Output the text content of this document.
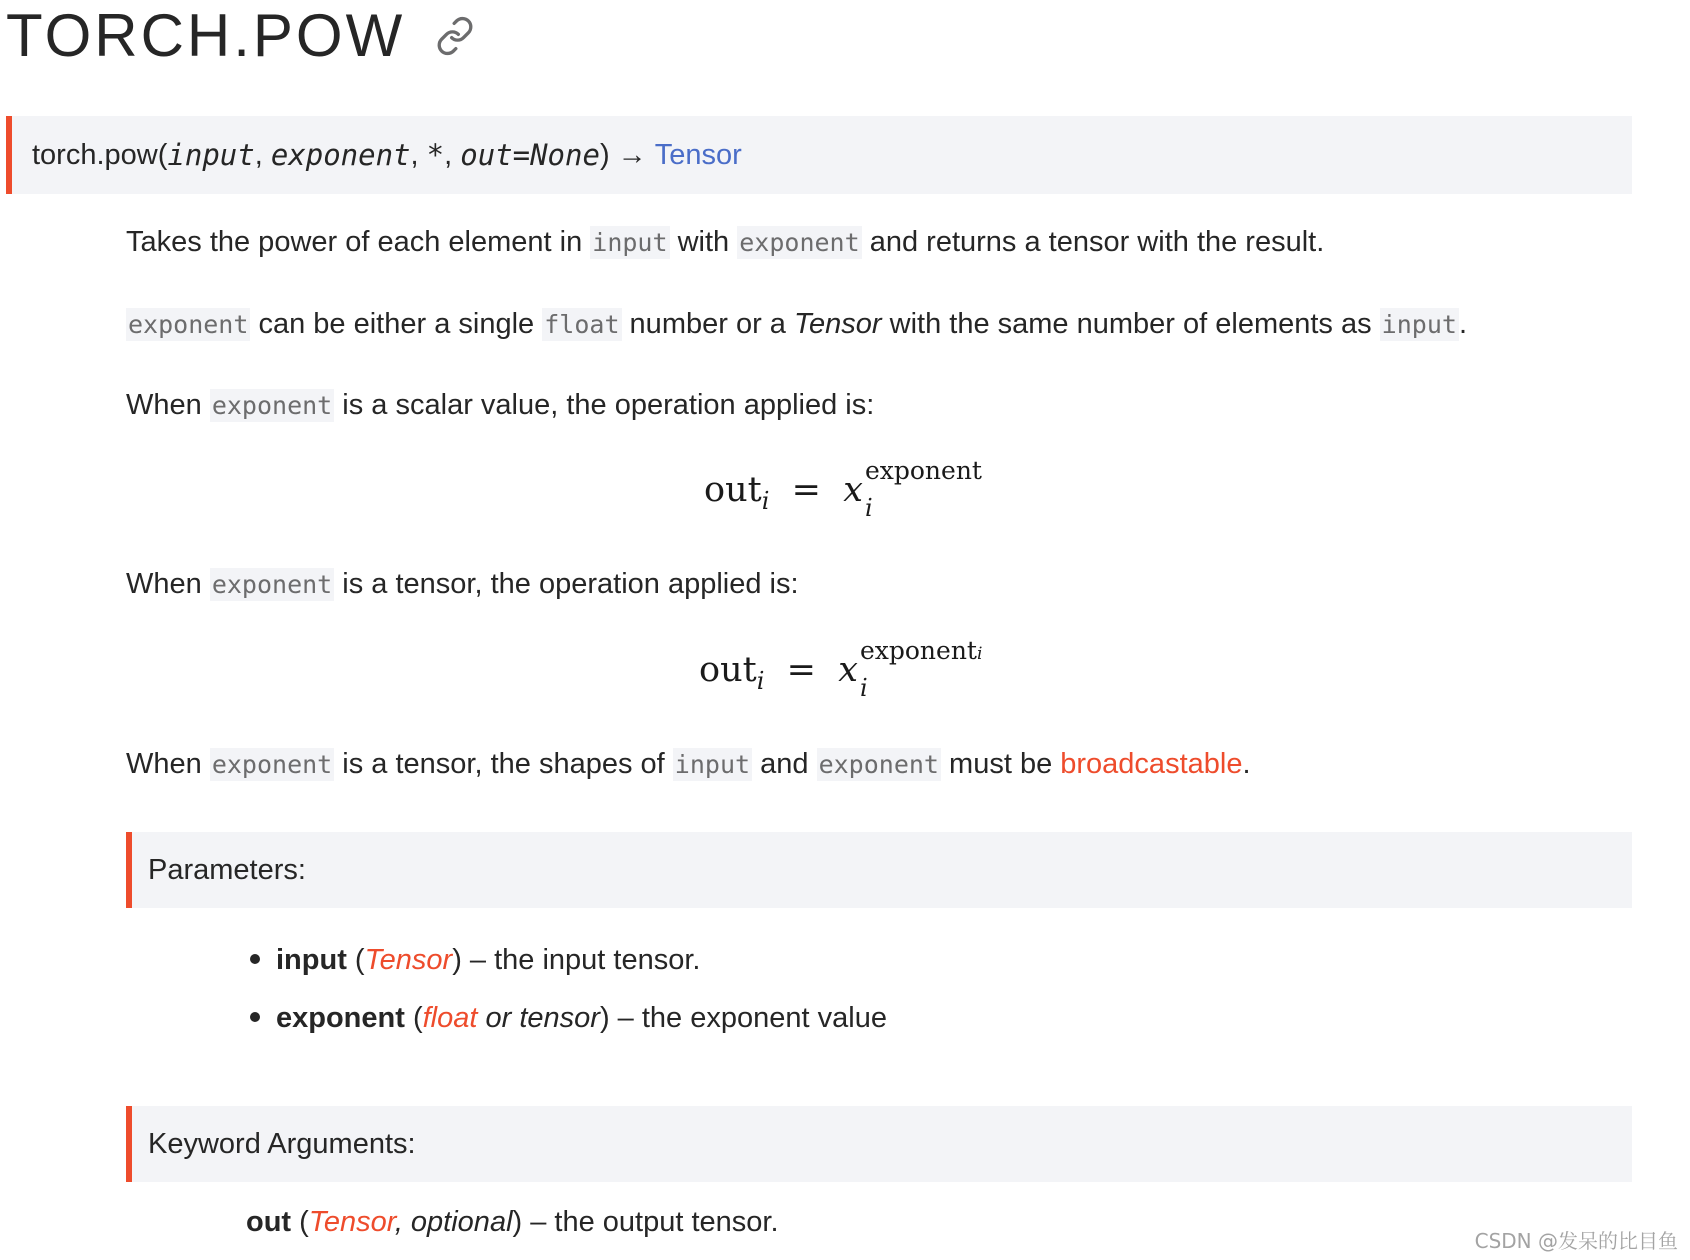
TORCH.POW
torch.pow ( input , exponent , * , out=None )
→
Tensor
Takes the power of each element in input with exponent and returns a tensor with the result.
exponent can be either a single float number or a Tensor with the same number of elements as input.
When exponent is a scalar value, the operation applied is:
out$_i$ = x exponent
i
When exponent is a tensor, the operation applied is:
out$_i$ = x exponenti
i
When exponent is a tensor, the shapes of input and exponent must be broadcastable.
Parameters:
input (Tensor) – the input tensor.
exponent (float or tensor) – the exponent value
Keyword Arguments:
out (Tensor, optional) – the output tensor.
CSDN @发呆的比目鱼
